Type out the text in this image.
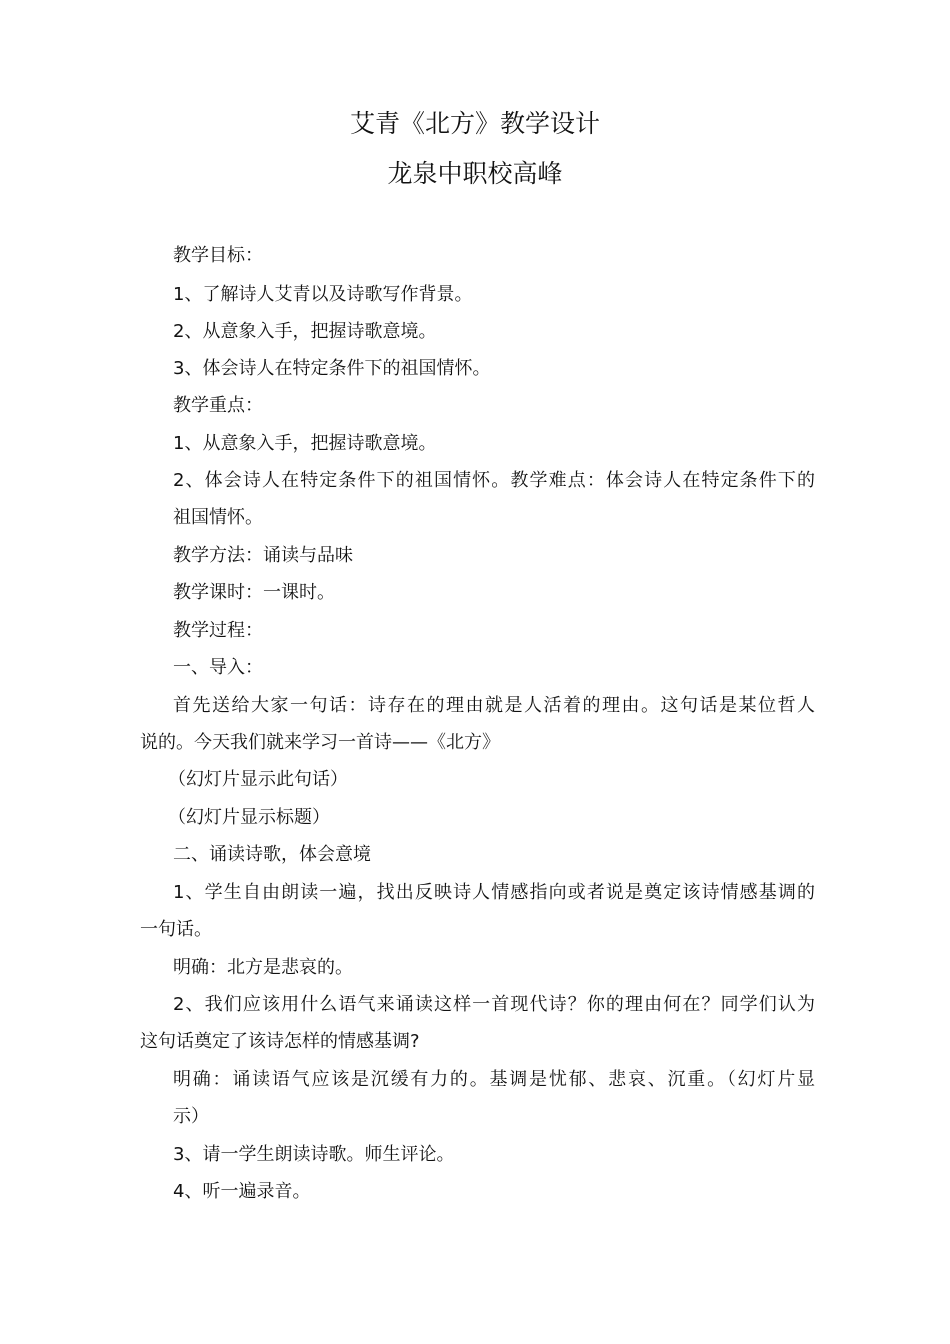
艾青《北方》教学设计
龙泉中职校高峰
教学目标：
1、了解诗人艾青以及诗歌写作背景。
2、从意象入手，把握诗歌意境。
3、体会诗人在特定条件下的祖国情怀。
教学重点：
1、从意象入手，把握诗歌意境。
2、体会诗人在特定条件下的祖国情怀。教学难点：体会诗人在特定条件下的
祖国情怀。
教学方法：诵读与品味
教学课时：一课时。
教学过程：
一、导入：
首先送给大家一句话：诗存在的理由就是人活着的理由。这句话是某位哲人
说的。今天我们就来学习一首诗——《北方》
（幻灯片显示此句话）
（幻灯片显示标题）
二、诵读诗歌，体会意境
1、学生自由朗读一遍，找出反映诗人情感指向或者说是奠定该诗情感基调的
一句话。
明确：北方是悲哀的。
2、我们应该用什么语气来诵读这样一首现代诗？你的理由何在？同学们认为
这句话奠定了该诗怎样的情感基调?
明确：诵读语气应该是沉缓有力的。基调是忧郁、悲哀、沉重。（幻灯片显
示）
3、请一学生朗读诗歌。师生评论。
4、听一遍录音。
